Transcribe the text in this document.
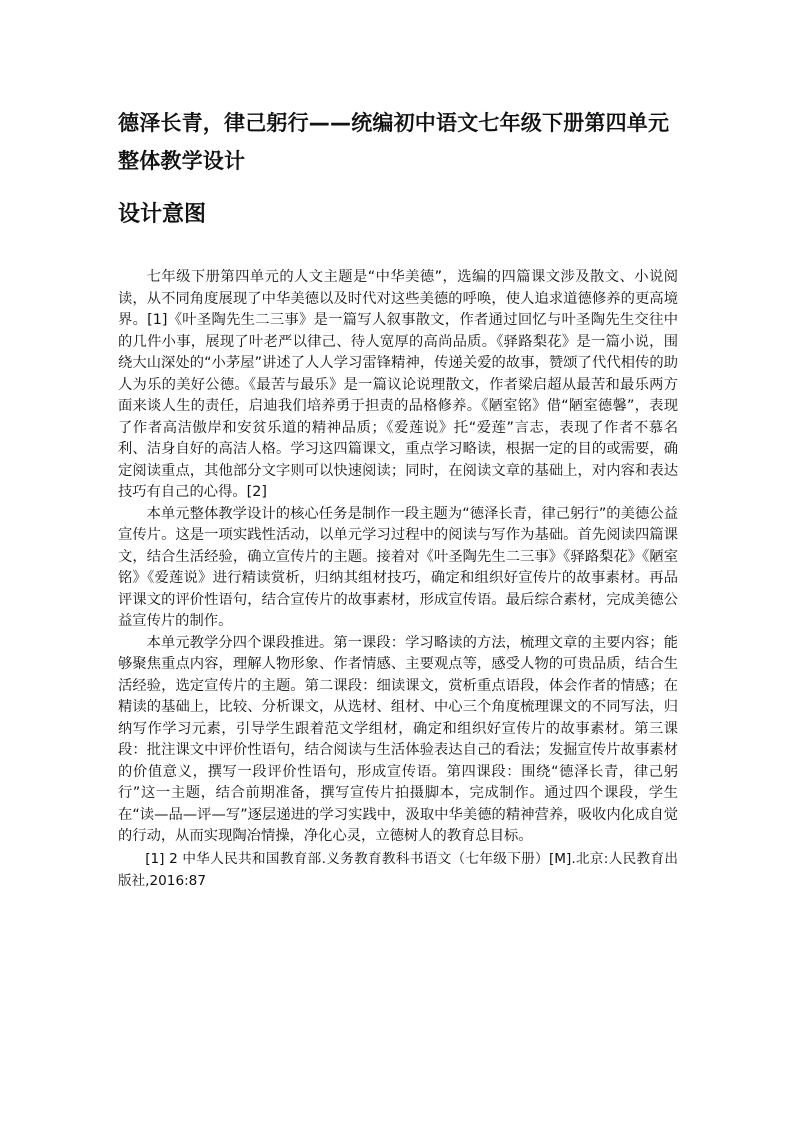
德泽长青，律己躬行——统编初中语文七年级下册第四单元整体教学设计
设计意图

七年级下册第四单元的人文主题是“中华美德”，选编的四篇课文涉及散文、小说阅读，从不同角度展现了中华美德以及时代对这些美德的呼唤，使人追求道德修养的更高境界。[1]《叶圣陶先生二三事》是一篇写人叙事散文，作者通过回忆与叶圣陶先生交往中的几件小事，展现了叶老严以律己、待人宽厚的高尚品质。《驿路梨花》是一篇小说，围绕大山深处的“小茅屋”讲述了人人学习雷锋精神，传递关爱的故事，赞颂了代代相传的助人为乐的美好公德。《最苦与最乐》是一篇议论说理散文，作者梁启超从最苦和最乐两方面来谈人生的责任，启迪我们培养勇于担责的品格修养。《陋室铭》借“陋室德馨”，表现了作者高洁傲岸和安贫乐道的精神品质；《爱莲说》托“爱莲”言志，表现了作者不慕名利、洁身自好的高洁人格。学习这四篇课文，重点学习略读，根据一定的目的或需要，确定阅读重点，其他部分文字则可以快速阅读；同时，在阅读文章的基础上，对内容和表达技巧有自己的心得。[2]

本单元整体教学设计的核心任务是制作一段主题为“德泽长青，律己躬行”的美德公益宣传片。这是一项实践性活动，以单元学习过程中的阅读与写作为基础。首先阅读四篇课文，结合生活经验，确立宣传片的主题。接着对《叶圣陶先生二三事》《驿路梨花》《陋室铭》《爱莲说》进行精读赏析，归纳其组材技巧，确定和组织好宣传片的故事素材。再品评课文的评价性语句，结合宣传片的故事素材，形成宣传语。最后综合素材，完成美德公益宣传片的制作。

本单元教学分四个课段推进。第一课段：学习略读的方法，梳理文章的主要内容；能够聚焦重点内容，理解人物形象、作者情感、主要观点等，感受人物的可贵品质，结合生活经验，选定宣传片的主题。第二课段：细读课文，赏析重点语段，体会作者的情感；在精读的基础上，比较、分析课文，从选材、组材、中心三个角度梳理课文的不同写法，归纳写作学习元素，引导学生跟着范文学组材，确定和组织好宣传片的故事素材。第三课段：批注课文中评价性语句，结合阅读与生活体验表达自己的看法；发掘宣传片故事素材的价值意义，撰写一段评价性语句，形成宣传语。第四课段：围绕“德泽长青，律己躬行”这一主题，结合前期准备，撰写宣传片拍摄脚本，完成制作。通过四个课段，学生在“读—品—评—写”逐层递进的学习实践中，汲取中华美德的精神营养，吸收内化成自觉的行动，从而实现陶冶情操，净化心灵，立德树人的教育总目标。

[1] 2 中华人民共和国教育部.义务教育教科书语文（七年级下册）[M].北京:人民教育出版社,2016:87
